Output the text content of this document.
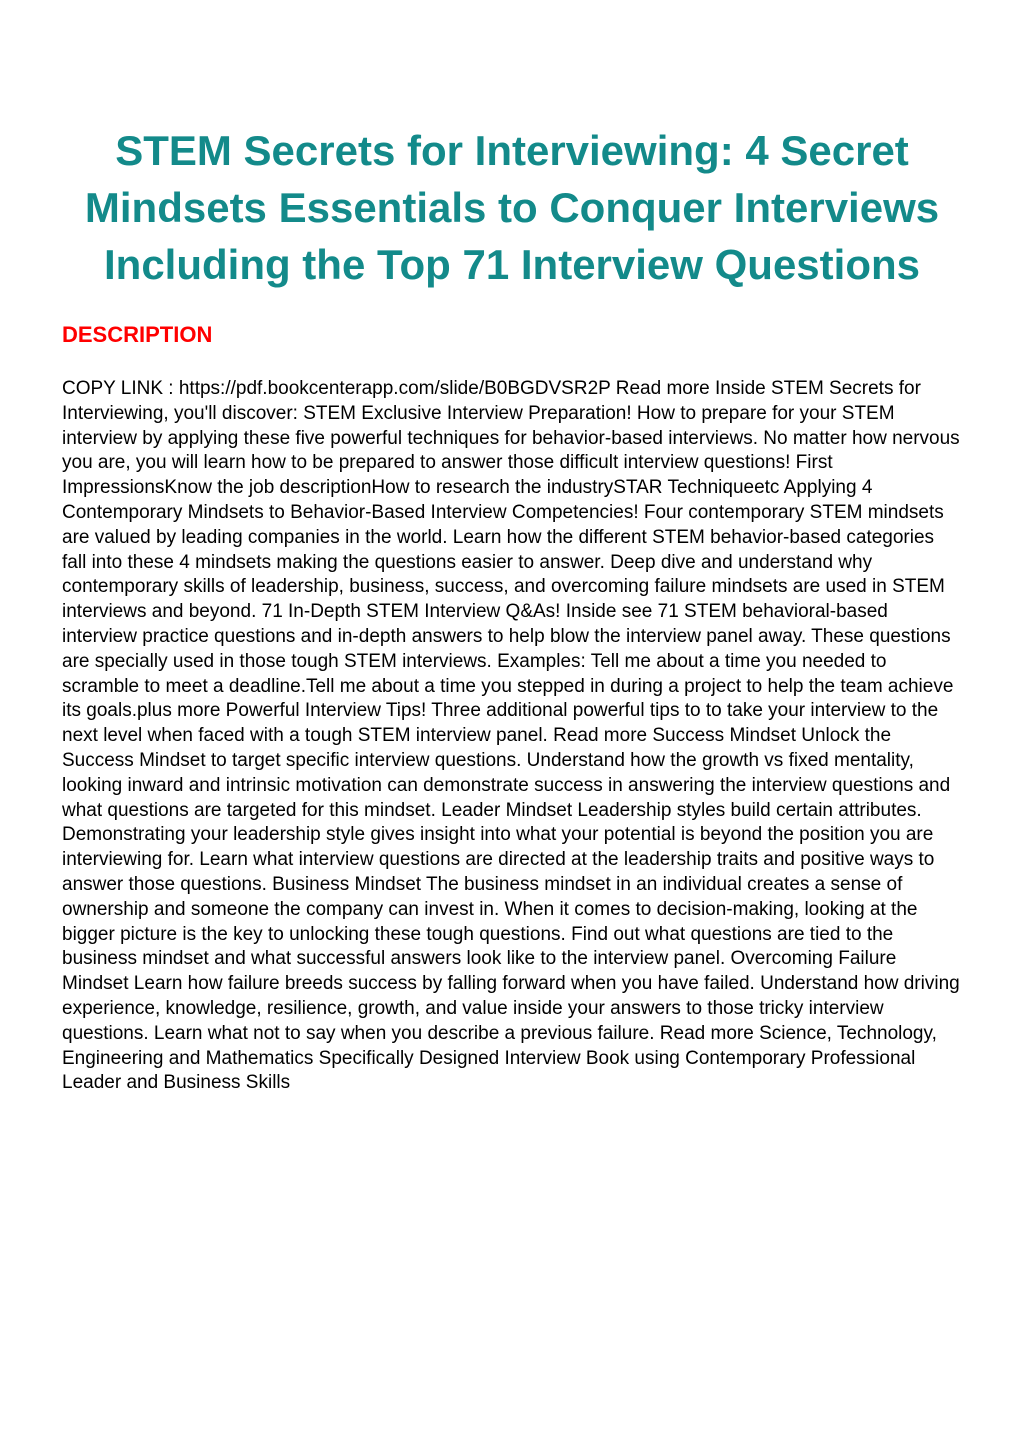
STEM Secrets for Interviewing: 4 Secret Mindsets Essentials to Conquer Interviews Including the Top 71 Interview Questions
DESCRIPTION

COPY LINK : https://pdf.bookcenterapp.com/slide/B0BGDVSR2P Read more Inside STEM Secrets for Interviewing, you'll discover: STEM Exclusive Interview Preparation! How to prepare for your STEM interview by applying these five powerful techniques for behavior-based interviews. No matter how nervous you are, you will learn how to be prepared to answer those difficult interview questions! First ImpressionsKnow the job descriptionHow to research the industrySTAR Techniqueetc Applying 4 Contemporary Mindsets to Behavior-Based Interview Competencies! Four contemporary STEM mindsets are valued by leading companies in the world. Learn how the different STEM behavior-based categories fall into these 4 mindsets making the questions easier to answer. Deep dive and understand why contemporary skills of leadership, business, success, and overcoming failure mindsets are used in STEM interviews and beyond. 71 In-Depth STEM Interview Q&As! Inside see 71 STEM behavioral-based interview practice questions and in-depth answers to help blow the interview panel away. These questions are specially used in those tough STEM interviews. Examples: Tell me about a time you needed to scramble to meet a deadline.Tell me about a time you stepped in during a project to help the team achieve its goals.plus more Powerful Interview Tips! Three additional powerful tips to to take your interview to the next level when faced with a tough STEM interview panel. Read more Success Mindset Unlock the Success Mindset to target specific interview questions. Understand how the growth vs fixed mentality, looking inward and intrinsic motivation can demonstrate success in answering the interview questions and what questions are targeted for this mindset. Leader Mindset Leadership styles build certain attributes. Demonstrating your leadership style gives insight into what your potential is beyond the position you are interviewing for. Learn what interview questions are directed at the leadership traits and positive ways to answer those questions. Business Mindset The business mindset in an individual creates a sense of ownership and someone the company can invest in. When it comes to decision-making, looking at the bigger picture is the key to unlocking these tough questions. Find out what questions are tied to the business mindset and what successful answers look like to the interview panel. Overcoming Failure Mindset Learn how failure breeds success by falling forward when you have failed. Understand how driving experience, knowledge, resilience, growth, and value inside your answers to those tricky interview questions. Learn what not to say when you describe a previous failure. Read more Science, Technology, Engineering and Mathematics Specifically Designed Interview Book using Contemporary Professional Leader and Business Skills
